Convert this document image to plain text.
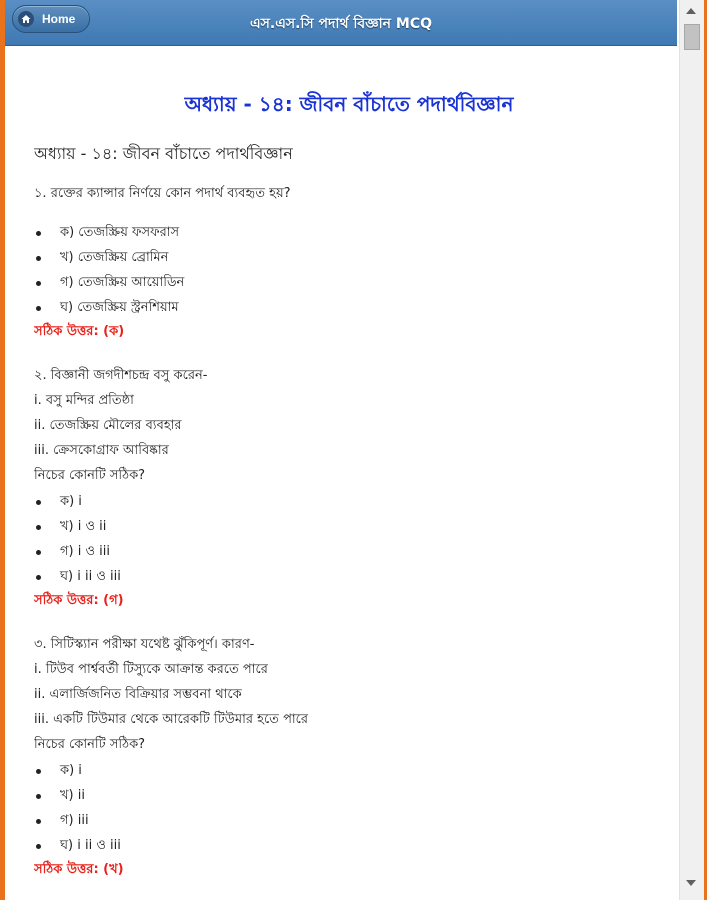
Home	এস.এস.সি পদার্থ বিজ্ঞান MCQ
অধ্যায় - ১৪: জীবন বাঁচাতে পদার্থবিজ্ঞান
অধ্যায় - ১৪: জীবন বাঁচাতে পদার্থবিজ্ঞান
১. রক্তের ক্যান্সার নির্ণয়ে কোন পদার্থ ব্যবহৃত হয়?
ক) তেজস্ক্রিয় ফসফরাস
খ) তেজস্ক্রিয় ব্রোমিন
গ) তেজস্ক্রিয় আয়োডিন
ঘ) তেজস্ক্রিয় স্ট্রনশিয়াম
সঠিক উত্তর: (ক)
২. বিজ্ঞানী জগদীশচন্দ্র বসু করেন-
i. বসু মন্দির প্রতিষ্ঠা
ii. তেজস্ক্রিয় মৌলের ব্যবহার
iii. ক্রেসকোগ্রাফ আবিষ্কার
নিচের কোনটি সঠিক?
ক) i
খ) i ও ii
গ) i ও iii
ঘ) i ii ও iii
সঠিক উত্তর: (গ)
৩. সিটিস্ক্যান পরীক্ষা যথেষ্ট ঝুঁকিপূর্ণ। কারণ-
i. টিউব পার্শ্ববর্তী টিস্যুকে আক্রান্ত করতে পারে
ii. এলার্জিজনিত বিক্রিয়ার সম্ভবনা থাকে
iii. একটি টিউমার থেকে আরেকটি টিউমার হতে পারে
নিচের কোনটি সঠিক?
ক) i
খ) ii
গ) iii
ঘ) i ii ও iii
সঠিক উত্তর: (খ)
